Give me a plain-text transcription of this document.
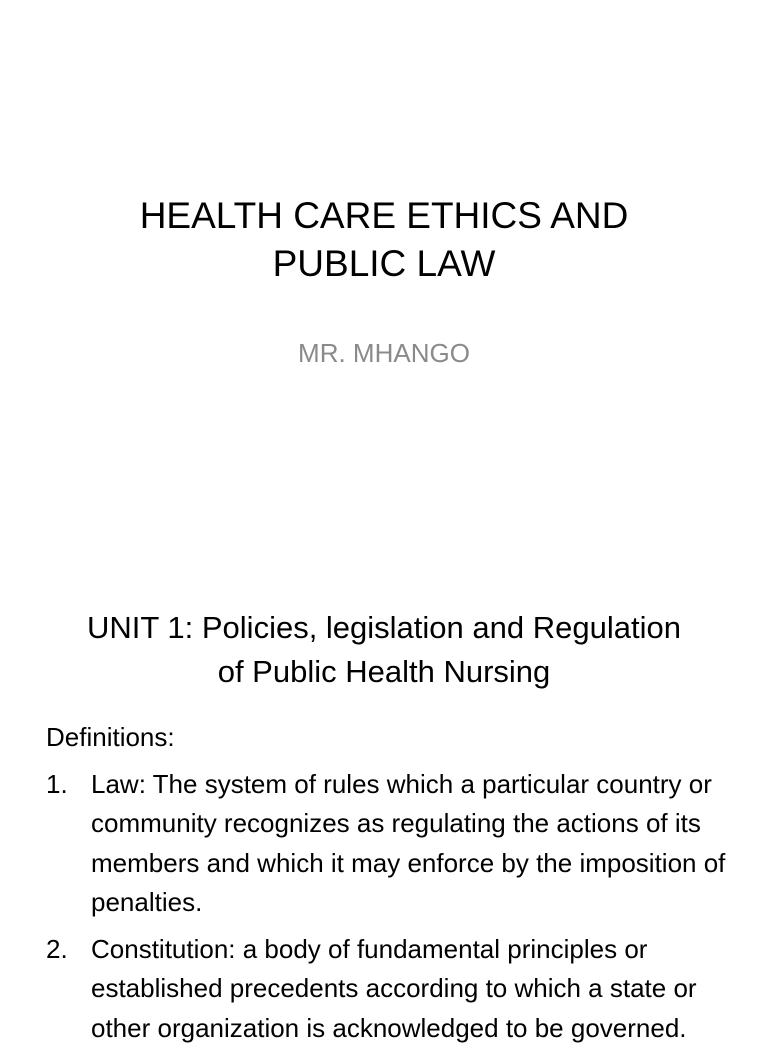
HEALTH CARE ETHICS AND
PUBLIC LAW
MR. MHANGO
UNIT 1: Policies, legislation and Regulation
of Public Health Nursing
Definitions:
1. Law: The system of rules which a particular country or community recognizes as regulating the actions of its members and which it may enforce by the imposition of penalties.
2. Constitution: a body of fundamental principles or established precedents according to which a state or other organization is acknowledged to be governed.
